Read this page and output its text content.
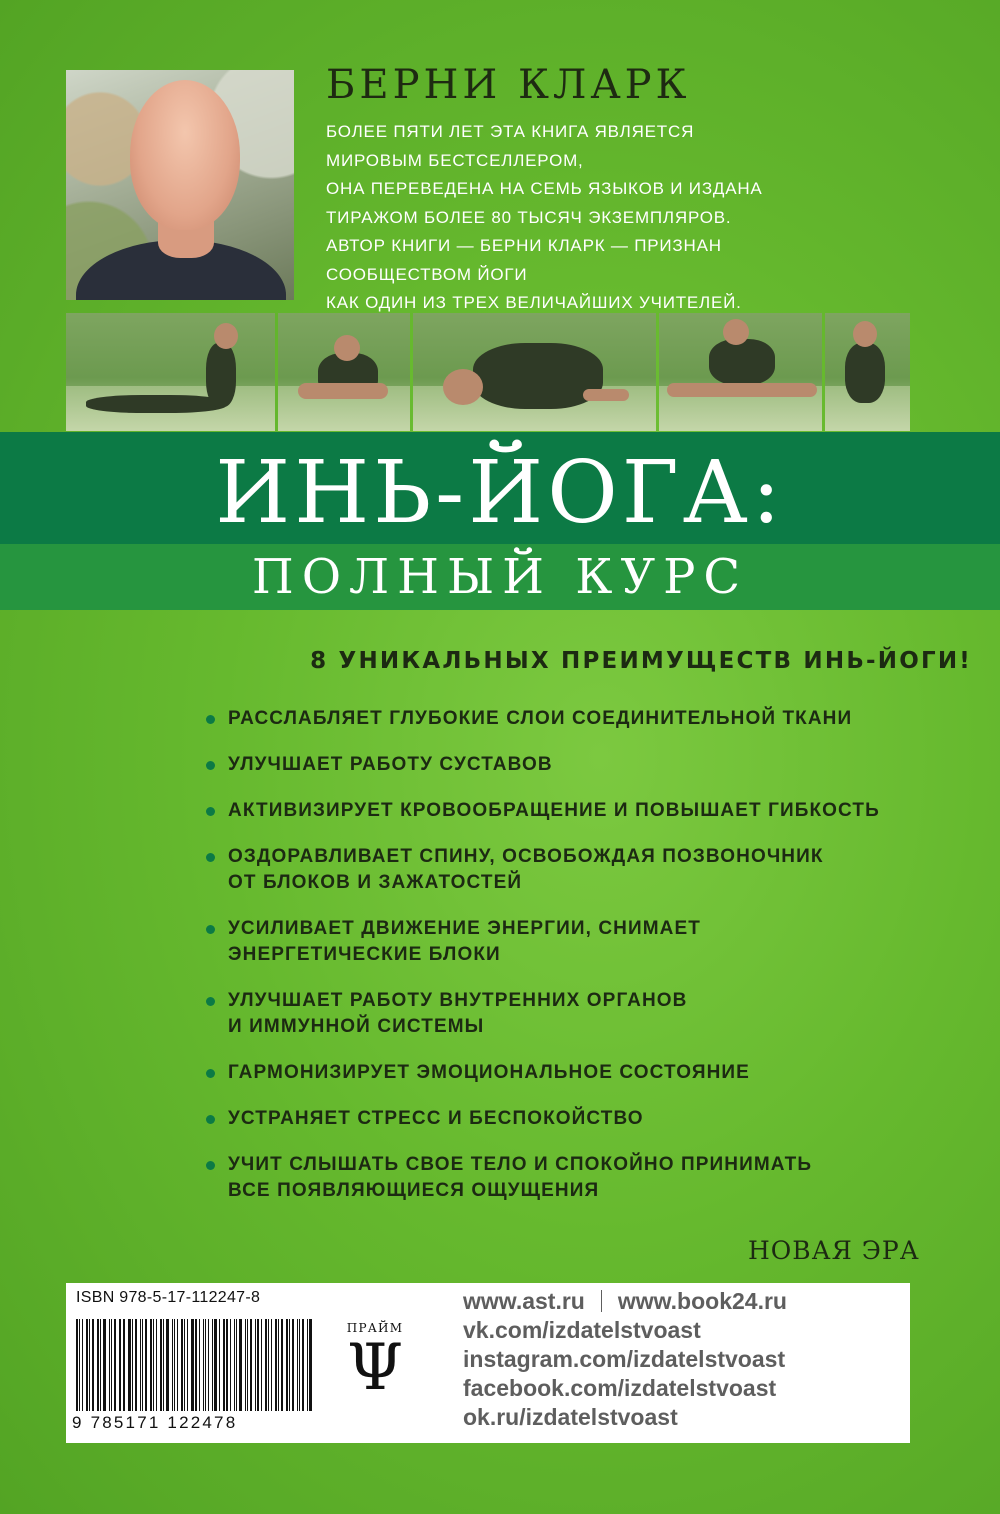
БЕРНИ КЛАРК
БОЛЕЕ ПЯТИ ЛЕТ ЭТА КНИГА ЯВЛЯЕТСЯ
МИРОВЫМ БЕСТСЕЛЛЕРОМ,
ОНА ПЕРЕВЕДЕНА НА СЕМЬ ЯЗЫКОВ И ИЗДАНА
ТИРАЖОМ БОЛЕЕ 80 ТЫСЯЧ ЭКЗЕМПЛЯРОВ.
АВТОР КНИГИ — БЕРНИ КЛАРК — ПРИЗНАН
СООБЩЕСТВОМ ЙОГИ
КАК ОДИН ИЗ ТРЕХ ВЕЛИЧАЙШИХ УЧИТЕЛЕЙ.
ИНЬ-ЙОГА:
ПОЛНЫЙ КУРС
8 УНИКАЛЬНЫХ ПРЕИМУЩЕСТВ ИНЬ-ЙОГИ!
РАССЛАБЛЯЕТ ГЛУБОКИЕ СЛОИ СОЕДИНИТЕЛЬНОЙ ТКАНИ
УЛУЧШАЕТ РАБОТУ СУСТАВОВ
АКТИВИЗИРУЕТ КРОВООБРАЩЕНИЕ И ПОВЫШАЕТ ГИБКОСТЬ
ОЗДОРАВЛИВАЕТ СПИНУ, ОСВОБОЖДАЯ ПОЗВОНОЧНИК
ОТ БЛОКОВ И ЗАЖАТОСТЕЙ
УСИЛИВАЕТ ДВИЖЕНИЕ ЭНЕРГИИ, СНИМАЕТ
ЭНЕРГЕТИЧЕСКИЕ БЛОКИ
УЛУЧШАЕТ РАБОТУ ВНУТРЕННИХ ОРГАНОВ
И ИММУННОЙ СИСТЕМЫ
ГАРМОНИЗИРУЕТ ЭМОЦИОНАЛЬНОЕ СОСТОЯНИЕ
УСТРАНЯЕТ СТРЕСС И БЕСПОКОЙСТВО
УЧИТ СЛЫШАТЬ СВОЕ ТЕЛО И СПОКОЙНО ПРИНИМАТЬ
ВСЕ ПОЯВЛЯЮЩИЕСЯ ОЩУЩЕНИЯ
НОВАЯ ЭРА
ISBN 978-5-17-112247-8
9 785171 122478
ПРАЙМ
Ψ
www.ast.ru www.book24.ru
vk.com/izdatelstvoast
instagram.com/izdatelstvoast
facebook.com/izdatelstvoast
ok.ru/izdatelstvoast
